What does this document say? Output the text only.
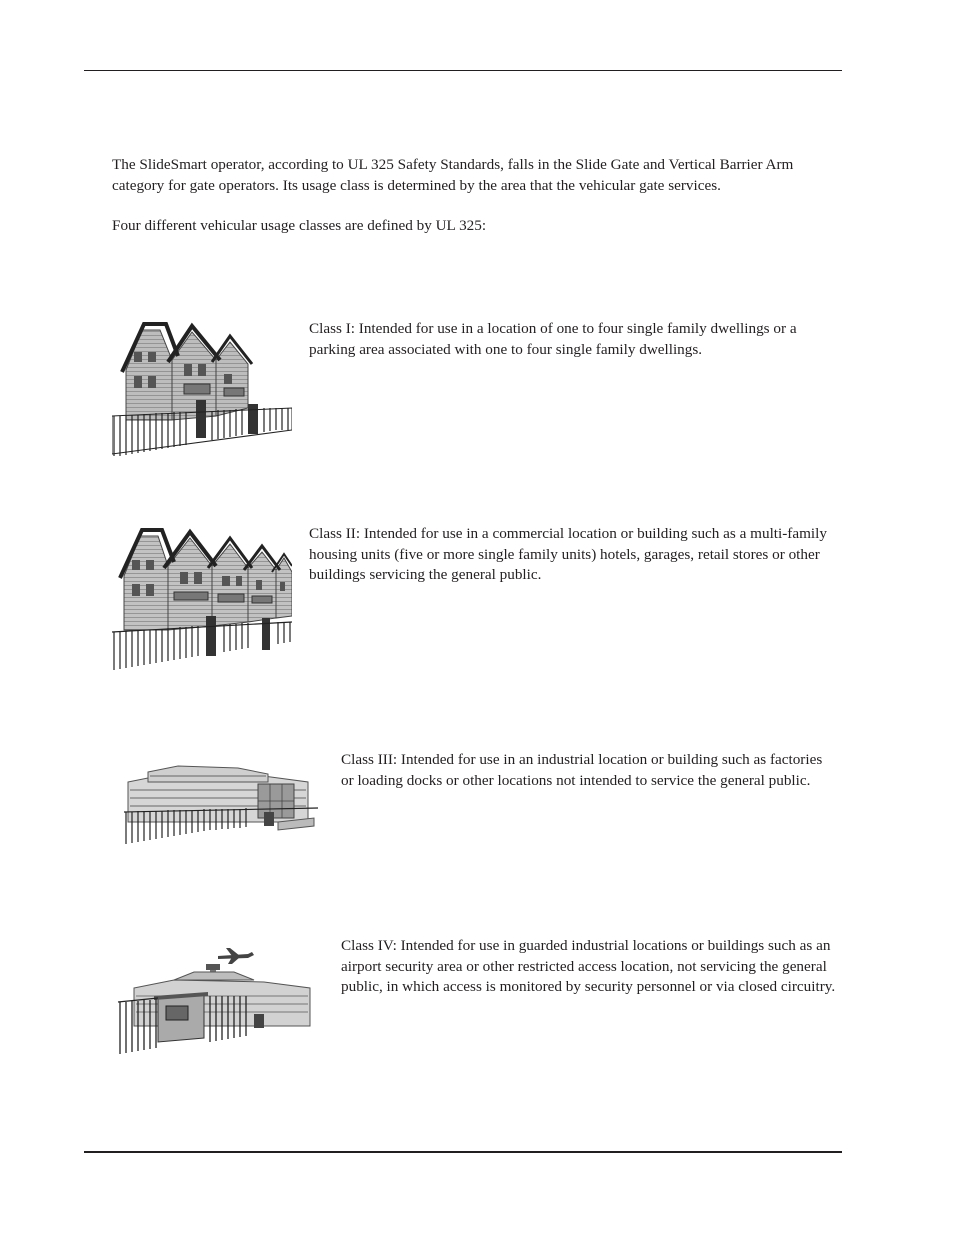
The SlideSmart operator, according to UL 325 Safety Standards, falls in the Slide Gate and Vertical Barrier Arm category for gate operators. Its usage class is determined by the area that the vehicular gate services.

Four different vehicular usage classes are defined by UL 325:

Class I: Intended for use in a location of one to four single family dwellings or a parking area associated with one to four single family dwellings.

Class II: Intended for use in a commercial location or building such as a multi-family housing units (five or more single family units) hotels, garages, retail stores or other buildings servicing the general public.

Class III: Intended for use in an industrial location or building such as factories or loading docks or other locations not intended to service the general public.

Class IV: Intended for use in guarded industrial locations or buildings such as an airport security area or other restricted access location, not servicing the general public, in which access is monitored by security personnel or via closed circuitry.
